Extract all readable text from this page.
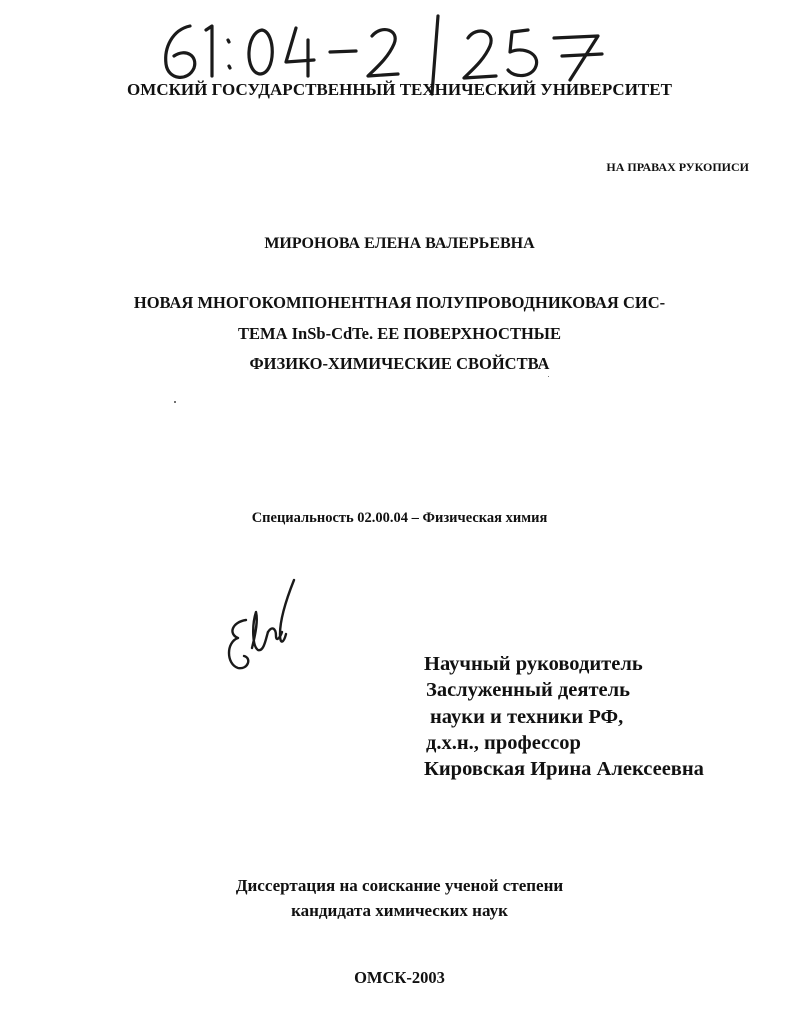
ОМСКИЙ ГОСУДАРСТВЕННЫЙ ТЕХНИЧЕСКИЙ УНИВЕРСИТЕТ
НА ПРАВАХ РУКОПИСИ
МИРОНОВА ЕЛЕНА ВАЛЕРЬЕВНА
НОВАЯ МНОГОКОМПОНЕНТНАЯ ПОЛУПРОВОДНИКОВАЯ СИС-
ТЕМА InSb-CdTe. ЕЕ ПОВЕРХНОСТНЫЕ
ФИЗИКО-ХИМИЧЕСКИЕ СВОЙСТВА
Специальность 02.00.04 – Физическая химия
Научный руководитель
Заслуженный деятель
науки и техники РФ,
д.х.н., профессор
Кировская Ирина Алексеевна
Диссертация на соискание ученой степени
кандидата химических наук
ОМСК-2003
